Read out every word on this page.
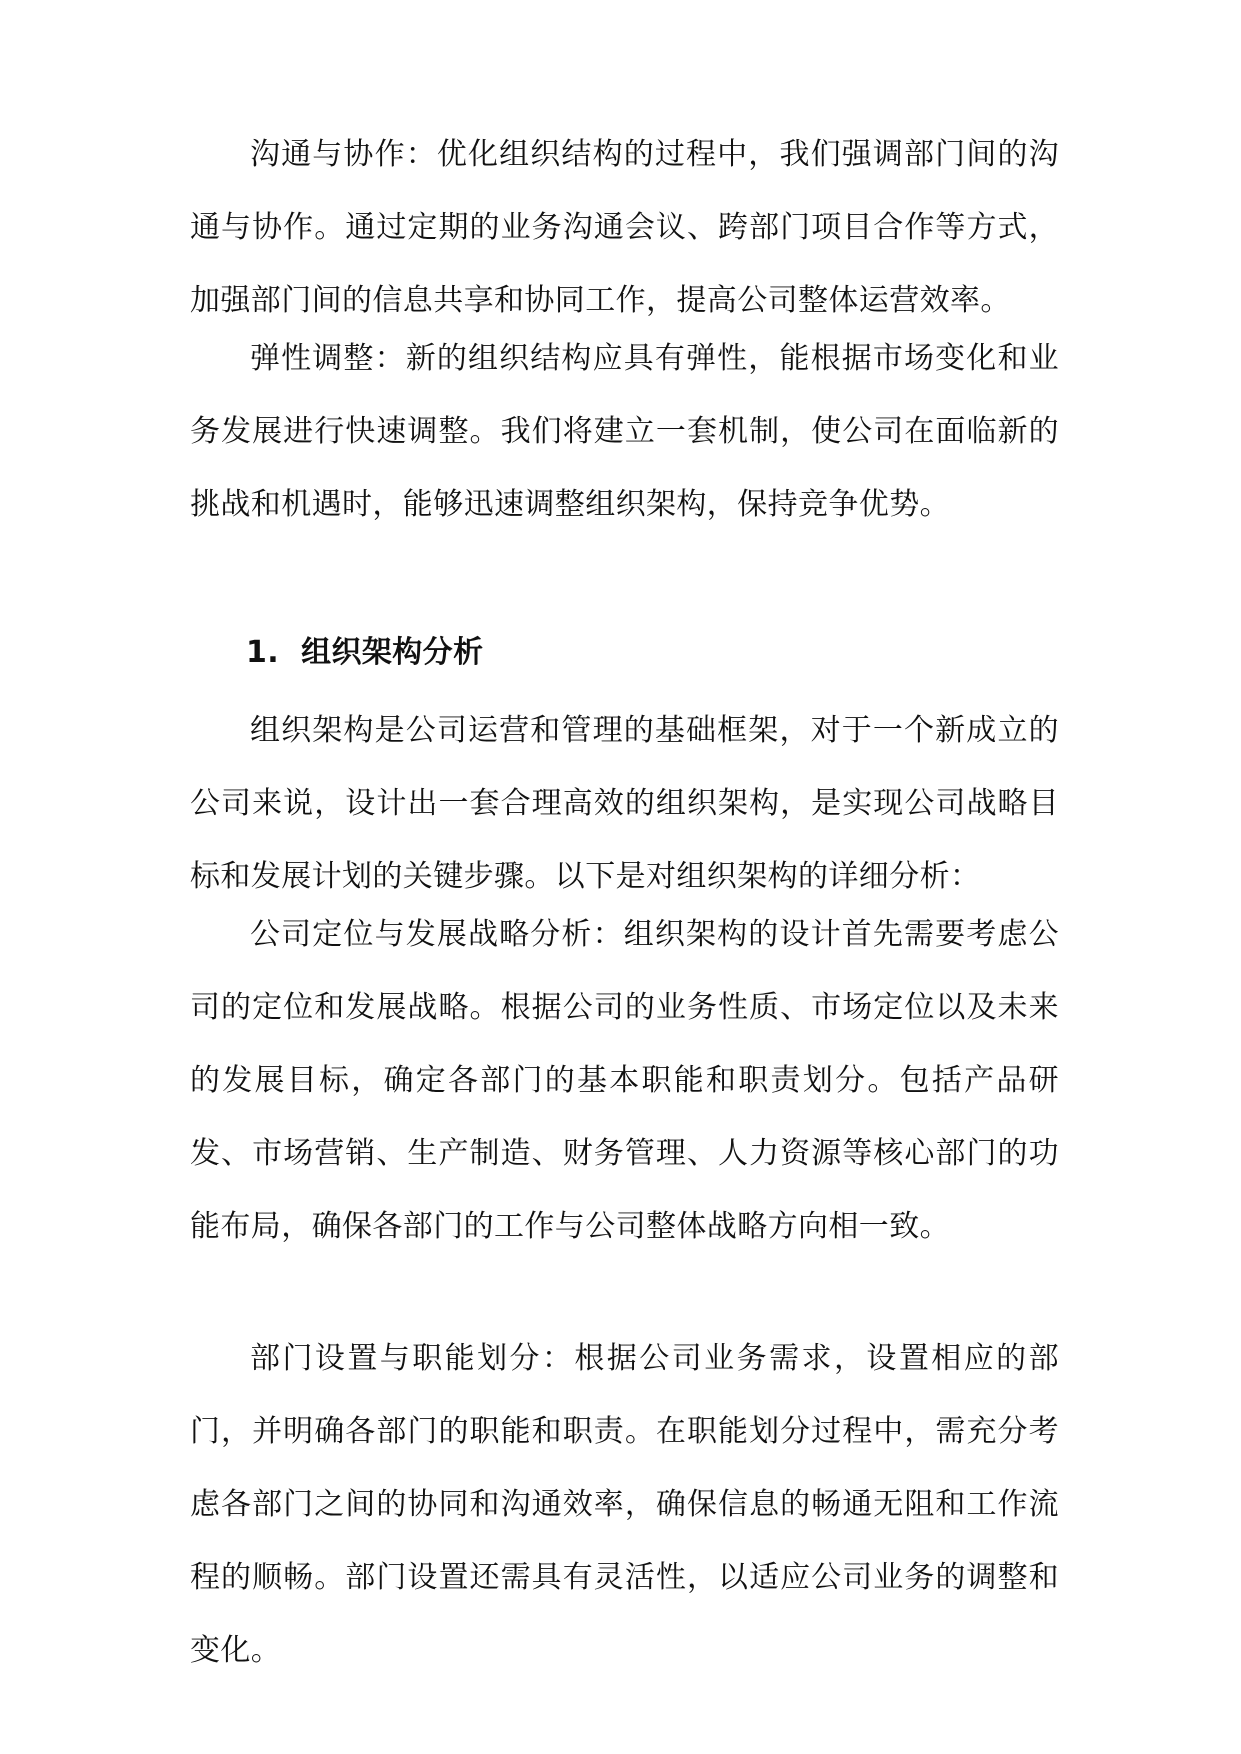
沟通与协作：优化组织结构的过程中，我们强调部门间的沟通与协作。通过定期的业务沟通会议、跨部门项目合作等方式，加强部门间的信息共享和协同工作，提高公司整体运营效率。

弹性调整：新的组织结构应具有弹性，能根据市场变化和业务发展进行快速调整。我们将建立一套机制，使公司在面临新的挑战和机遇时，能够迅速调整组织架构，保持竞争优势。

1. 组织架构分析

组织架构是公司运营和管理的基础框架，对于一个新成立的公司来说，设计出一套合理高效的组织架构，是实现公司战略目标和发展计划的关键步骤。以下是对组织架构的详细分析：

公司定位与发展战略分析：组织架构的设计首先需要考虑公司的定位和发展战略。根据公司的业务性质、市场定位以及未来的发展目标，确定各部门的基本职能和职责划分。包括产品研发、市场营销、生产制造、财务管理、人力资源等核心部门的功能布局，确保各部门的工作与公司整体战略方向相一致。

部门设置与职能划分：根据公司业务需求，设置相应的部门，并明确各部门的职能和职责。在职能划分过程中，需充分考虑各部门之间的协同和沟通效率，确保信息的畅通无阻和工作流程的顺畅。部门设置还需具有灵活性，以适应公司业务的调整和变化。
